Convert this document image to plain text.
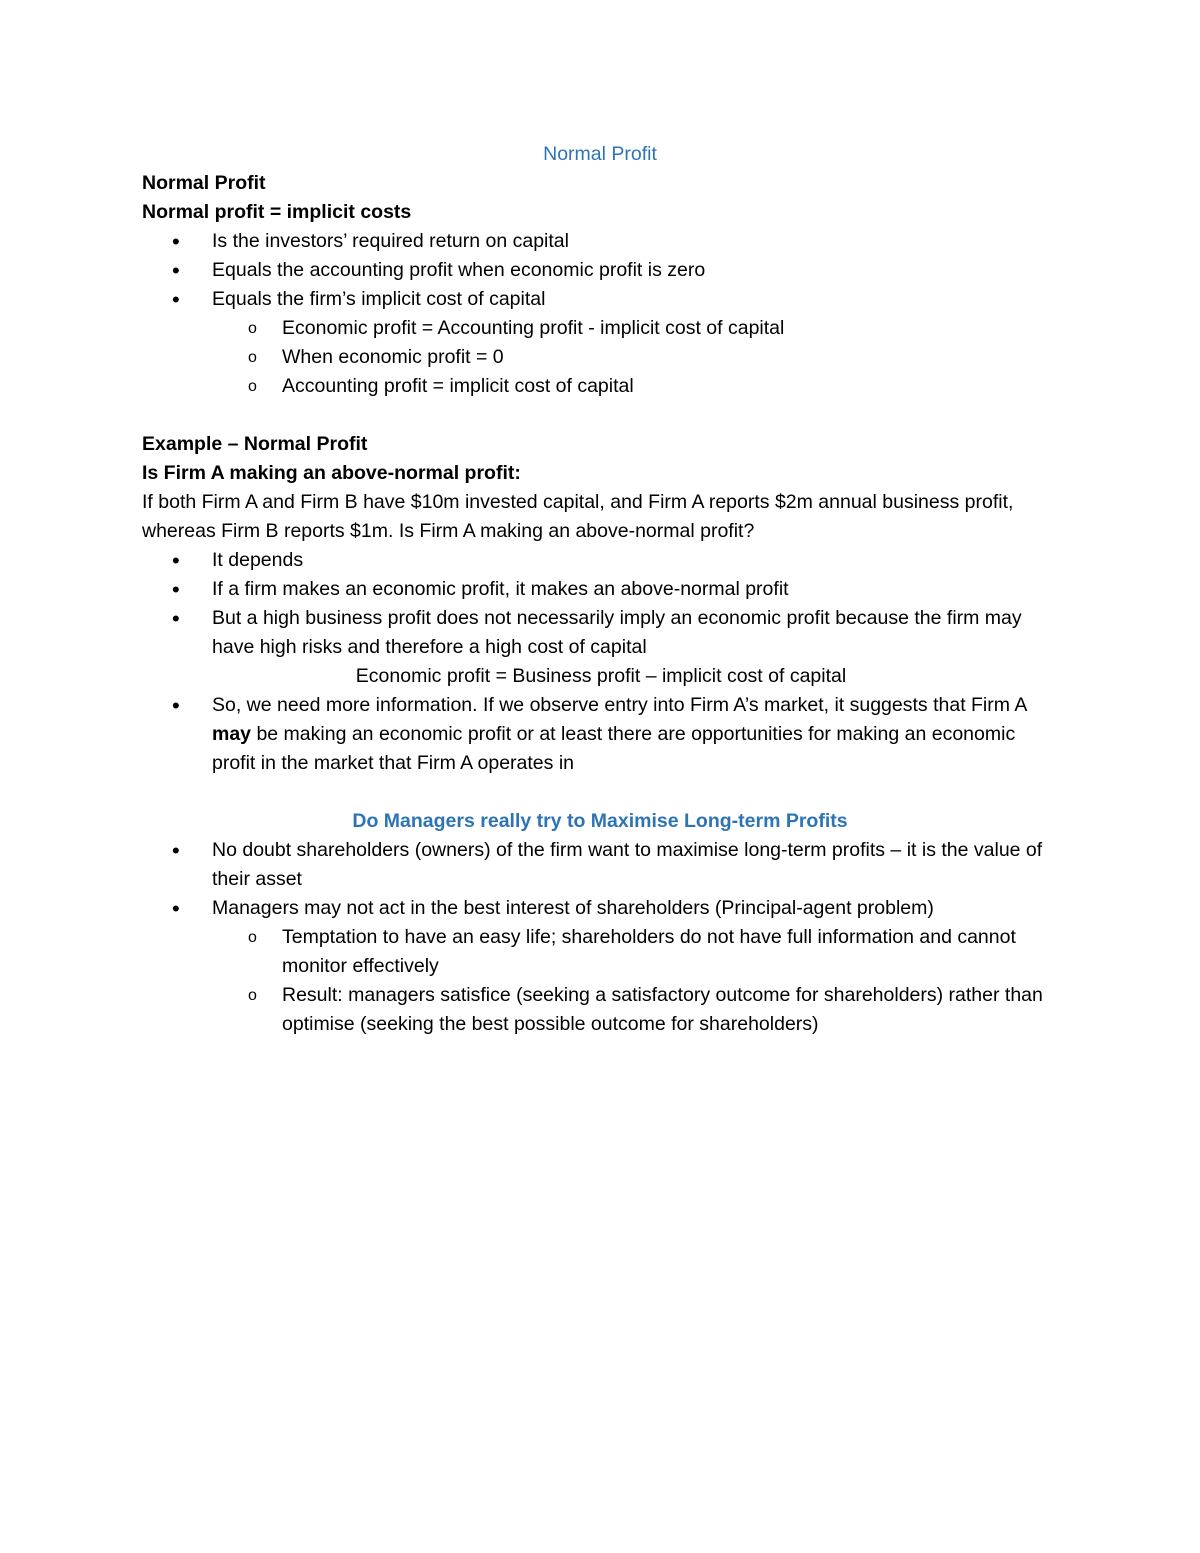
Normal Profit
Normal Profit
Normal profit = implicit costs
• Is the investors’ required return on capital
• Equals the accounting profit when economic profit is zero
• Equals the firm’s implicit cost of capital
o Economic profit = Accounting profit - implicit cost of capital
o When economic profit = 0
o Accounting profit = implicit cost of capital
Example – Normal Profit
Is Firm A making an above-normal profit:
If both Firm A and Firm B have $10m invested capital, and Firm A reports $2m annual business profit, whereas Firm B reports $1m. Is Firm A making an above-normal profit?
• It depends
• If a firm makes an economic profit, it makes an above-normal profit
• But a high business profit does not necessarily imply an economic profit because the firm may have high risks and therefore a high cost of capital
Economic profit = Business profit – implicit cost of capital
• So, we need more information. If we observe entry into Firm A’s market, it suggests that Firm A may be making an economic profit or at least there are opportunities for making an economic profit in the market that Firm A operates in
Do Managers really try to Maximise Long-term Profits
• No doubt shareholders (owners) of the firm want to maximise long-term profits – it is the value of their asset
• Managers may not act in the best interest of shareholders (Principal-agent problem)
o Temptation to have an easy life; shareholders do not have full information and cannot monitor effectively
o Result: managers satisfice (seeking a satisfactory outcome for shareholders) rather than optimise (seeking the best possible outcome for shareholders)
